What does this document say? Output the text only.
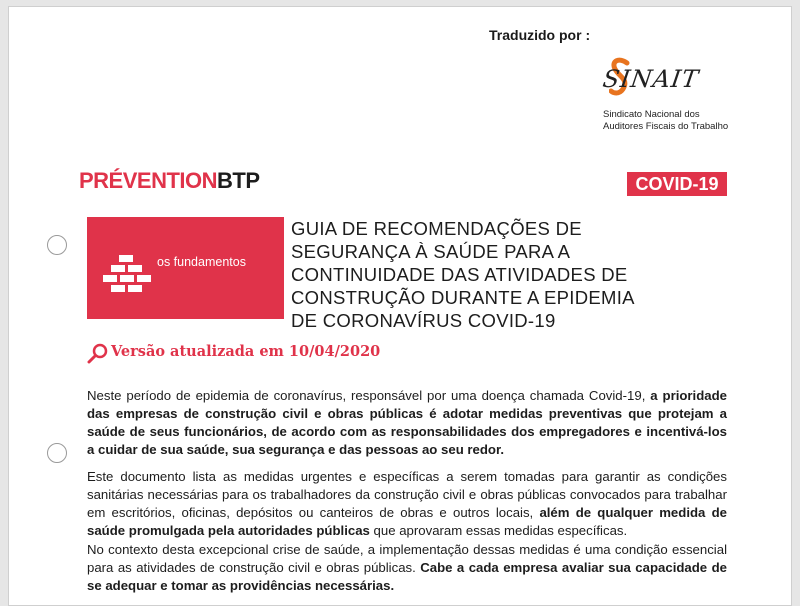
Traduzido por :
SINAIT
Sindicato Nacional dos
Auditores Fiscais do Trabalho
PRÉVENTIONBTP	COVID-19
os fundamentos
GUIA DE RECOMENDAÇÕES DE
SEGURANÇA À SAÚDE PARA A
CONTINUIDADE DAS ATIVIDADES DE
CONSTRUÇÃO DURANTE A EPIDEMIA
DE CORONAVÍRUS COVID-19
Versão atualizada em 10/04/2020
Neste período de epidemia de coronavírus, responsável por uma doença chamada Covid-19, a prioridade das empresas de construção civil e obras públicas é adotar medidas preventivas que protejam a saúde de seus funcionários, de acordo com as responsabilidades dos empregadores e incentivá-los a cuidar de sua saúde, sua segurança e das pessoas ao seu redor.
Este documento lista as medidas urgentes e específicas a serem tomadas para garantir as condições sanitárias necessárias para os trabalhadores da construção civil e obras públicas convocados para trabalhar em escritórios, oficinas, depósitos ou canteiros de obras e outros locais, além de qualquer medida de saúde promulgada pela autoridades públicas que aprovaram essas medidas específicas.
No contexto desta excepcional crise de saúde, a implementação dessas medidas é uma condição essencial para as atividades de construção civil e obras públicas. Cabe a cada empresa avaliar sua capacidade de se adequar e tomar as providências necessárias.
